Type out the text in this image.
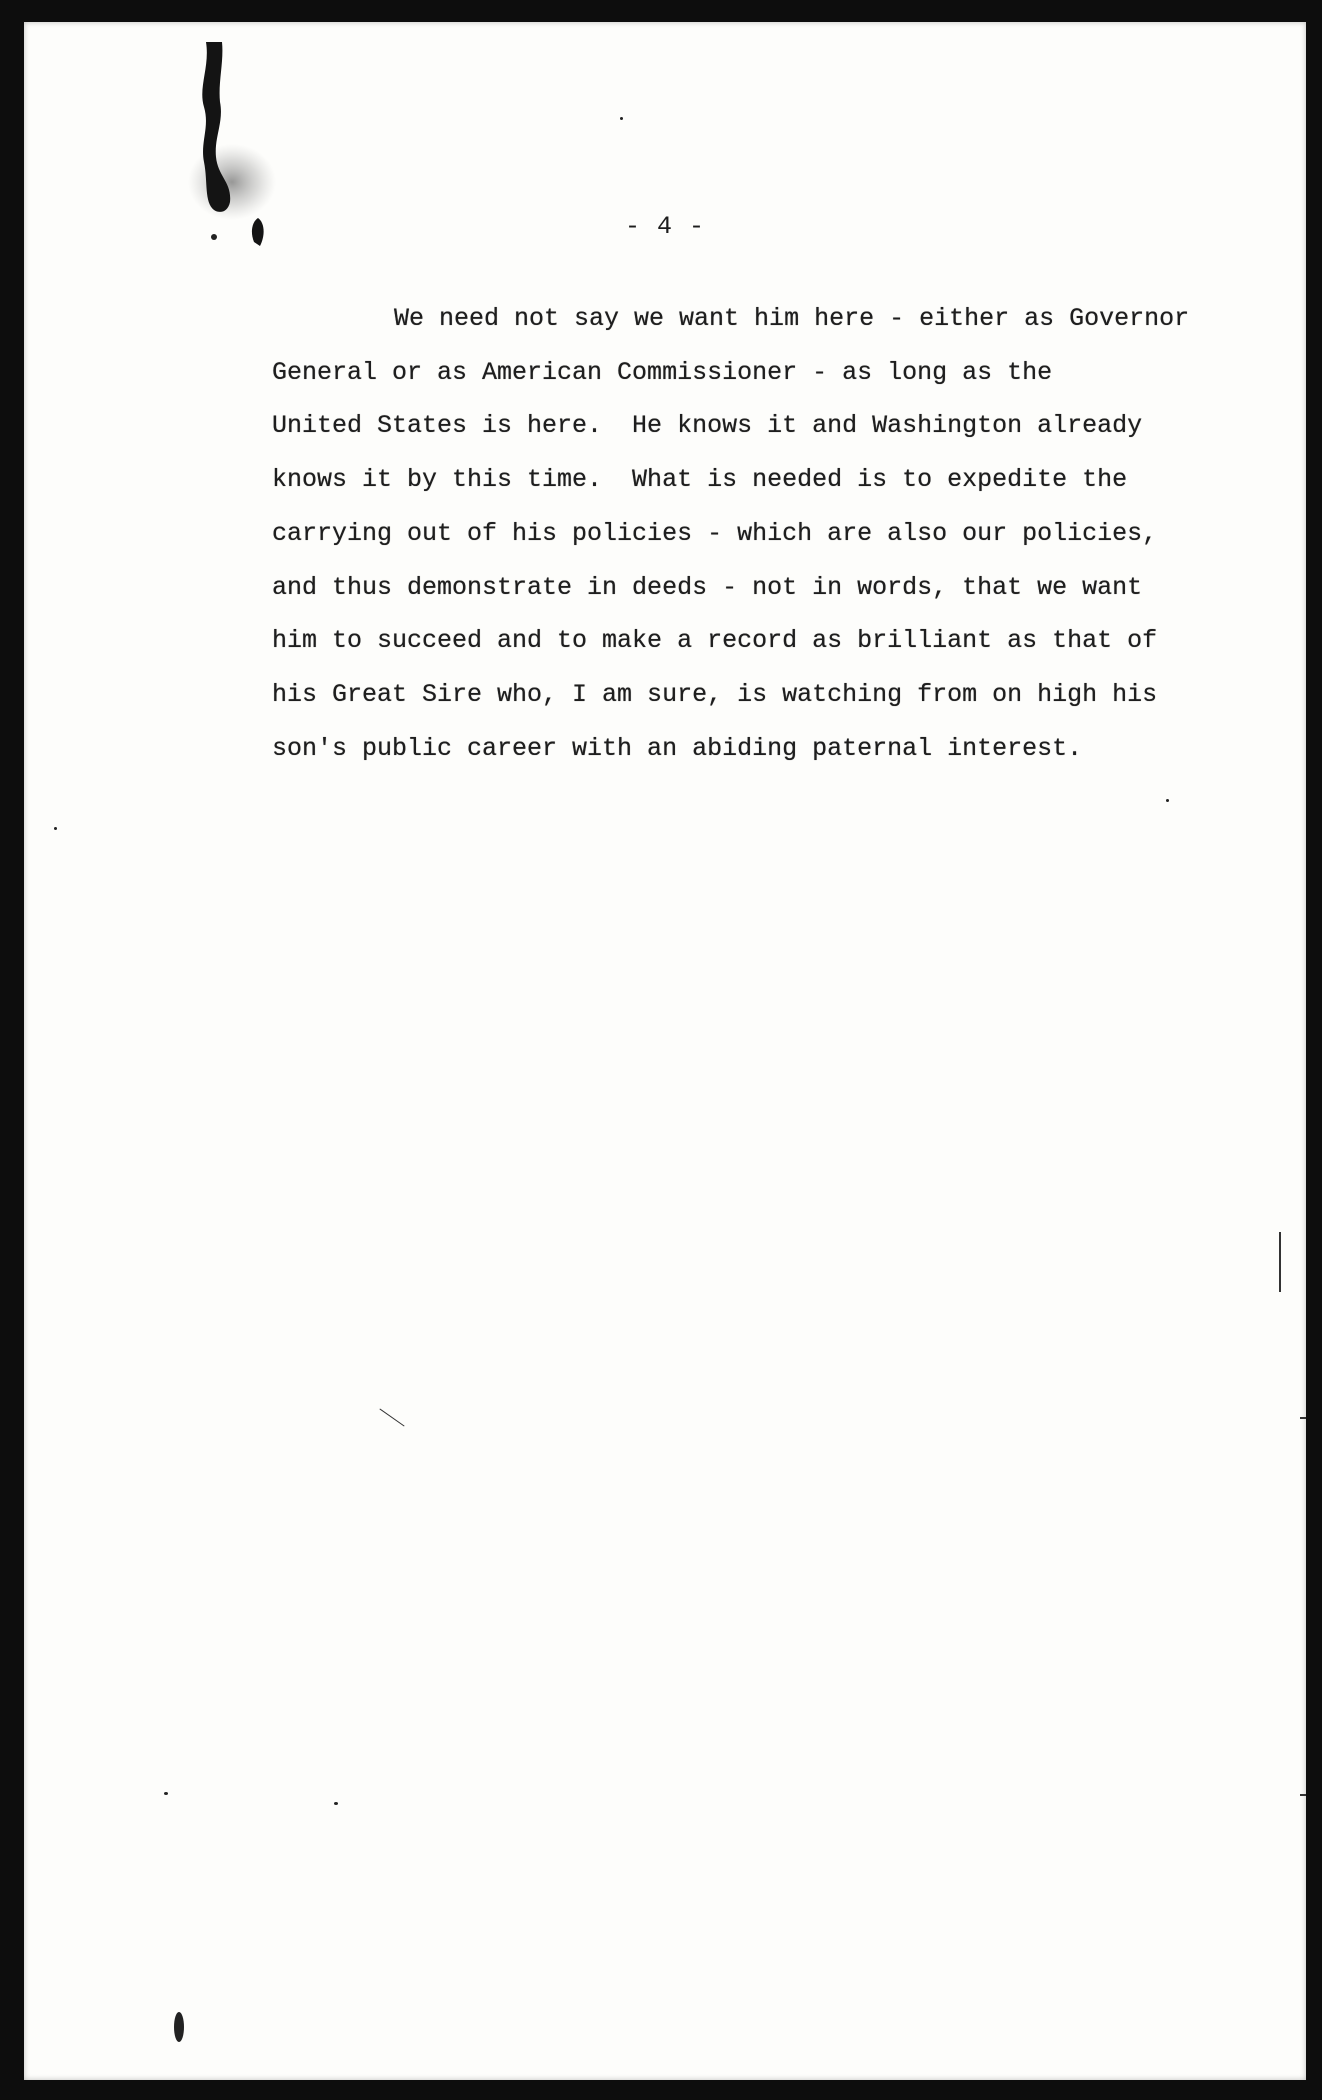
- 4 -

We need not say we want him here - either as Governor
General or as American Commissioner - as long as the
United States is here.  He knows it and Washington already
knows it by this time.  What is needed is to expedite the
carrying out of his policies - which are also our policies,
and thus demonstrate in deeds - not in words, that we want
him to succeed and to make a record as brilliant as that of
his Great Sire who, I am sure, is watching from on high his
son's public career with an abiding paternal interest.
